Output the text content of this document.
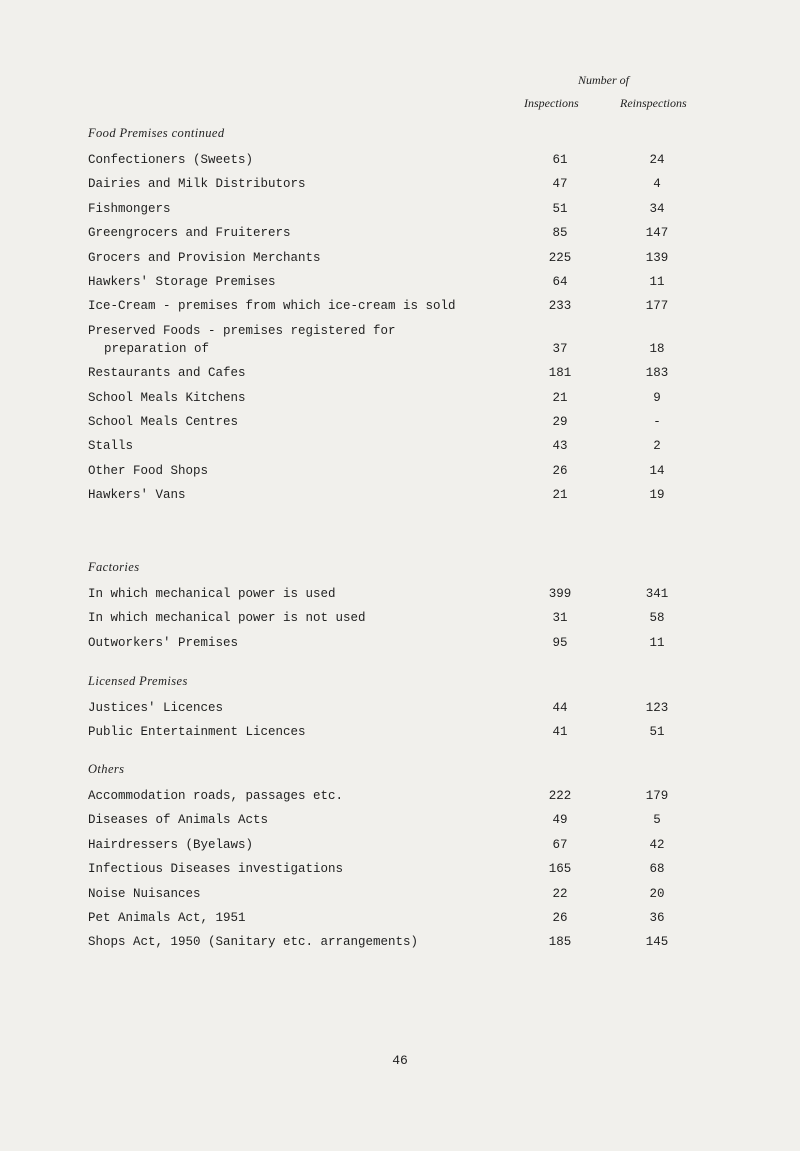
Number of
Inspections	Reinspections
Food Premises continued
Confectioners (Sweets)	61	24
Dairies and Milk Distributors	47	4
Fishmongers	51	34
Greengrocers and Fruiterers	85	147
Grocers and Provision Merchants	225	139
Hawkers' Storage Premises	64	11
Ice-Cream - premises from which ice-cream is sold	233	177
Preserved Foods - premises registered for
preparation of	37	18
Restaurants and Cafes	181	183
School Meals Kitchens	21	9
School Meals Centres	29	-
Stalls	43	2
Other Food Shops	26	14
Hawkers' Vans	21	19
Factories
In which mechanical power is used	399	341
In which mechanical power is not used	31	58
Outworkers' Premises	95	11
Licensed Premises
Justices' Licences	44	123
Public Entertainment Licences	41	51
Others
Accommodation roads, passages etc.	222	179
Diseases of Animals Acts	49	5
Hairdressers (Byelaws)	67	42
Infectious Diseases investigations	165	68
Noise Nuisances	22	20
Pet Animals Act, 1951	26	36
Shops Act, 1950 (Sanitary etc. arrangements)	185	145
46
